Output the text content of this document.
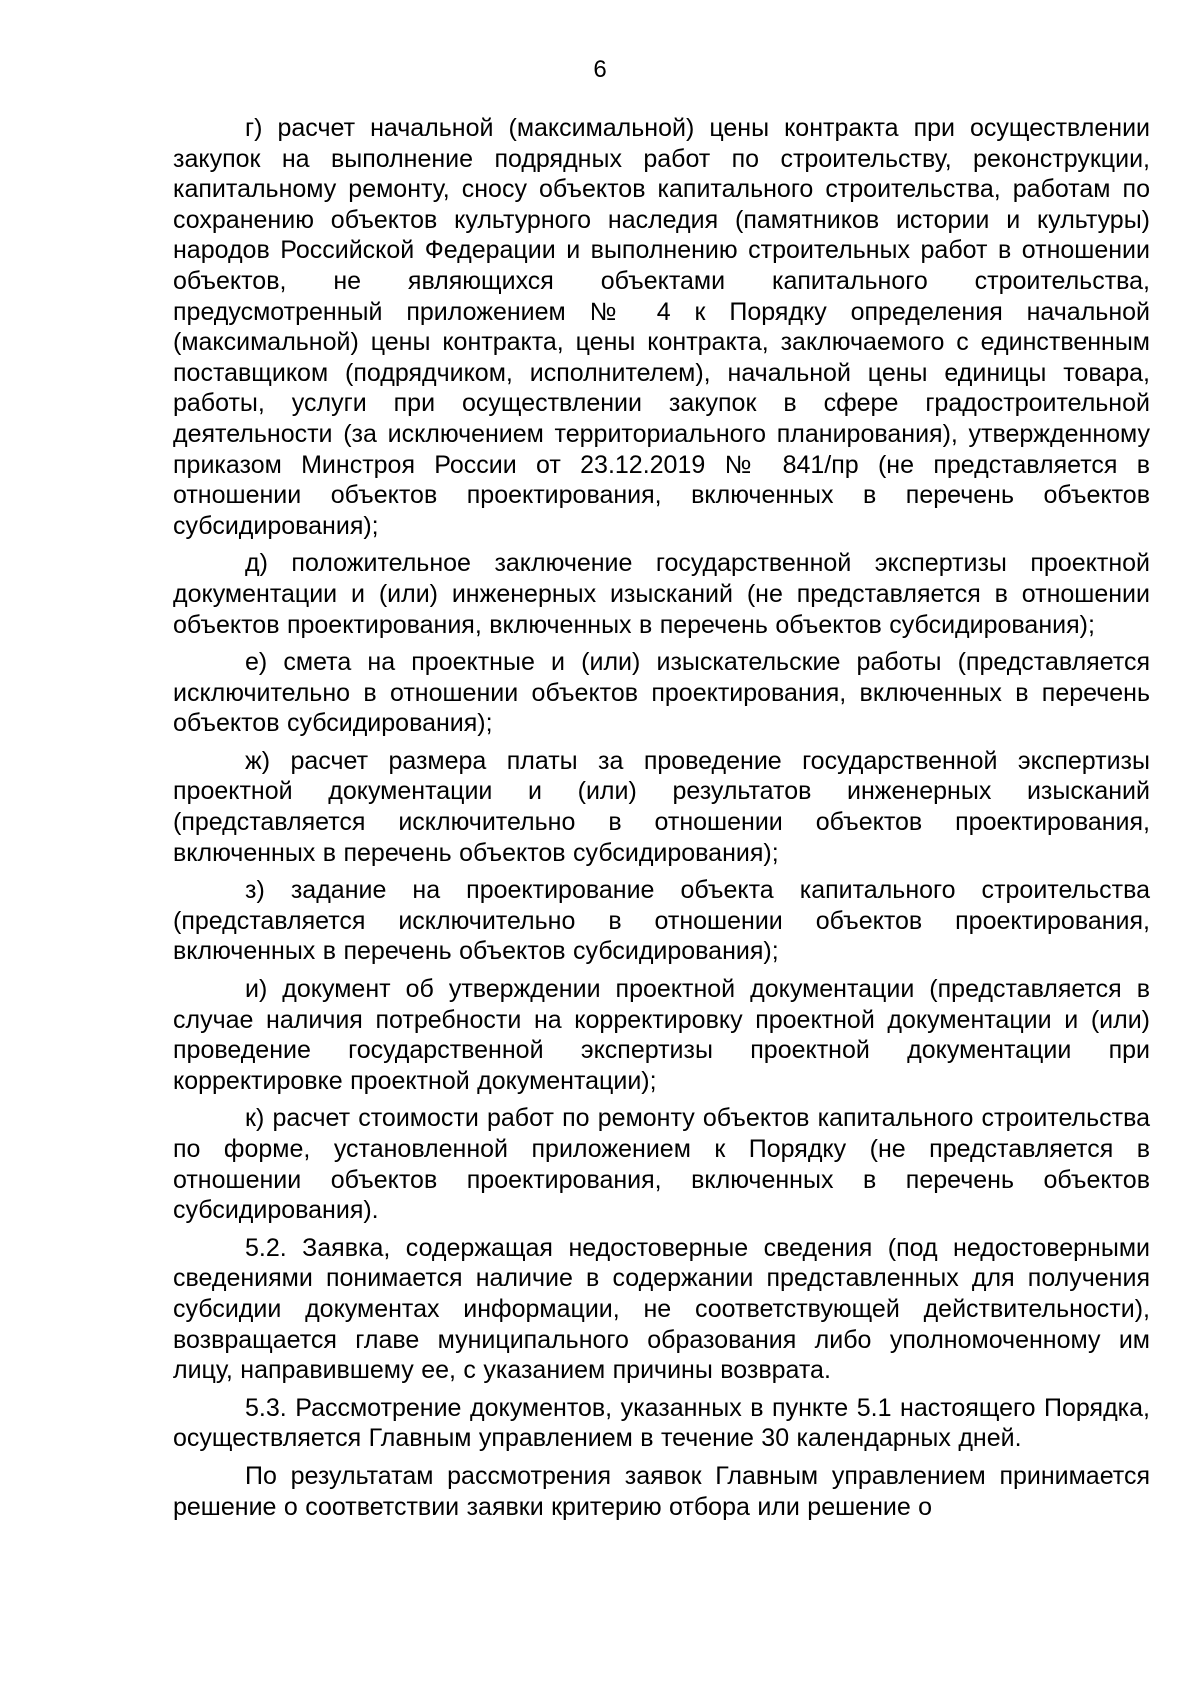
6

г) расчет начальной (максимальной) цены контракта при осуществлении закупок на выполнение подрядных работ по строительству, реконструкции, капитальному ремонту, сносу объектов капитального строительства, работам по сохранению объектов культурного наследия (памятников истории и культуры) народов Российской Федерации и выполнению строительных работ в отношении объектов, не являющихся объектами капитального строительства, предусмотренный приложением № 4 к Порядку определения начальной (максимальной) цены контракта, цены контракта, заключаемого с единственным поставщиком (подрядчиком, исполнителем), начальной цены единицы товара, работы, услуги при осуществлении закупок в сфере градостроительной деятельности (за исключением территориального планирования), утвержденному приказом Минстроя России от 23.12.2019 № 841/пр (не представляется в отношении объектов проектирования, включенных в перечень объектов субсидирования);

д) положительное заключение государственной экспертизы проектной документации и (или) инженерных изысканий (не представляется в отношении объектов проектирования, включенных в перечень объектов субсидирования);

е) смета на проектные и (или) изыскательские работы (представляется исключительно в отношении объектов проектирования, включенных в перечень объектов субсидирования);

ж) расчет размера платы за проведение государственной экспертизы проектной документации и (или) результатов инженерных изысканий (представляется исключительно в отношении объектов проектирования, включенных в перечень объектов субсидирования);

з) задание на проектирование объекта капитального строительства (представляется исключительно в отношении объектов проектирования, включенных в перечень объектов субсидирования);

и) документ об утверждении проектной документации (представляется в случае наличия потребности на корректировку проектной документации и (или) проведение государственной экспертизы проектной документации при корректировке проектной документации);

к) расчет стоимости работ по ремонту объектов капитального строительства по форме, установленной приложением к Порядку (не представляется в отношении объектов проектирования, включенных в перечень объектов субсидирования).

5.2. Заявка, содержащая недостоверные сведения (под недостоверными сведениями понимается наличие в содержании представленных для получения субсидии документах информации, не соответствующей действительности), возвращается главе муниципального образования либо уполномоченному им лицу, направившему ее, с указанием причины возврата.

5.3. Рассмотрение документов, указанных в пункте 5.1 настоящего Порядка, осуществляется Главным управлением в течение 30 календарных дней.

По результатам рассмотрения заявок Главным управлением принимается решение о соответствии заявки критерию отбора или решение о
